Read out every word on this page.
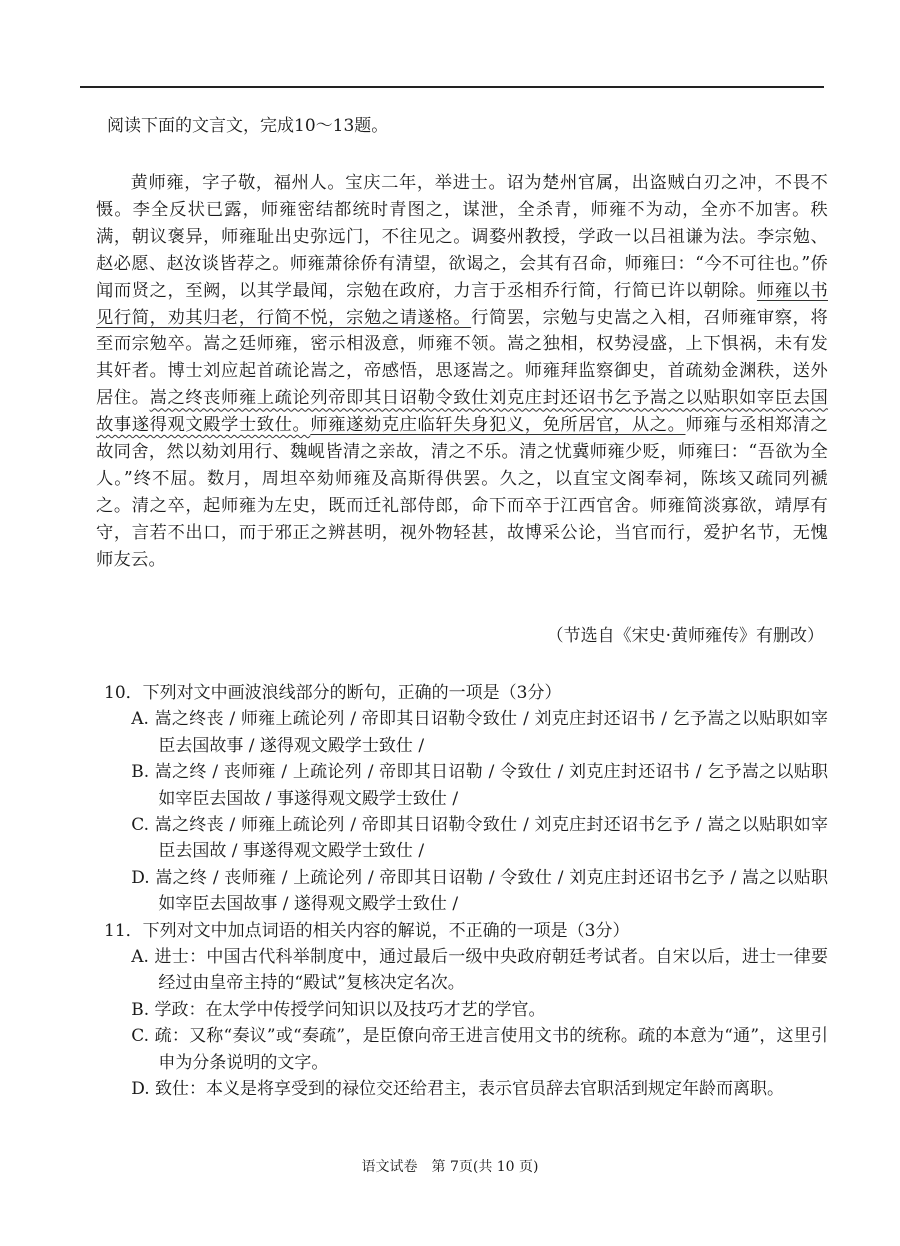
阅读下面的文言文，完成10～13题。

黄师雍，字子敬，福州人。宝庆二年，举进士。诏为楚州官属，出盗贼白刃之冲，不畏不慑。李全反状已露，师雍密结都统时青图之，谋泄，全杀青，师雍不为动，全亦不加害。秩满，朝议褒异，师雍耻出史弥远门，不往见之。调婺州教授，学政一以吕祖谦为法。李宗勉、赵必愿、赵汝谈皆荐之。师雍萧徐侨有清望，欲谒之，会其有召命，师雍曰：“今不可往也。”侨闻而贤之，至阙，以其学最闻，宗勉在政府，力言于丞相乔行简，行简已许以朝除。师雍以书见行简，劝其归老，行简不悦，宗勉之请遂格。行简罢，宗勉与史嵩之入相，召师雍审察，将至而宗勉卒。嵩之廷师雍，密示相汲意，师雍不领。嵩之独相，权势浸盛，上下惧祸，未有发其奸者。博士刘应起首疏论嵩之，帝感悟，思逐嵩之。师雍拜监察御史，首疏劾金渊秩，送外居住。嵩之终丧师雍上疏论列帝即其日诏勒令致仕刘克庄封还诏书乞予嵩之以贴职如宰臣去国故事遂得观文殿学士致仕。师雍遂劾克庄临轩失身犯义，免所居官，从之。师雍与丞相郑清之故同舍，然以劾刘用行、魏岘皆清之亲故，清之不乐。清之忧冀师雍少贬，师雍曰：“吾欲为全人。”终不屈。数月，周坦卒劾师雍及高斯得供罢。久之，以直宝文阁奉祠，陈垓又疏同列褫之。清之卒，起师雍为左史，既而迁礼部侍郎，命下而卒于江西官舍。师雍简淡寡欲，靖厚有守，言若不出口，而于邪正之辨甚明，视外物轻甚，故博采公论，当官而行，爱护名节，无愧师友云。

（节选自《宋史·黄师雍传》有删改）

10．下列对文中画波浪线部分的断句，正确的一项是（3分）

A. 嵩之终丧 / 师雍上疏论列 / 帝即其日诏勒令致仕 / 刘克庄封还诏书 / 乞予嵩之以贴职如宰臣去国故事 / 遂得观文殿学士致仕 /

B. 嵩之终 / 丧师雍 / 上疏论列 / 帝即其日诏勒 / 令致仕 / 刘克庄封还诏书 / 乞予嵩之以贴职如宰臣去国故 / 事遂得观文殿学士致仕 /

C. 嵩之终丧 / 师雍上疏论列 / 帝即其日诏勒令致仕 / 刘克庄封还诏书乞予 / 嵩之以贴职如宰臣去国故 / 事遂得观文殿学士致仕 /

D. 嵩之终 / 丧师雍 / 上疏论列 / 帝即其日诏勒 / 令致仕 / 刘克庄封还诏书乞予 / 嵩之以贴职如宰臣去国故事 / 遂得观文殿学士致仕 /

11．下列对文中加点词语的相关内容的解说，不正确的一项是（3分）

A. 进士：中国古代科举制度中，通过最后一级中央政府朝廷考试者。自宋以后，进士一律要经过由皇帝主持的“殿试”复核决定名次。

B. 学政：在太学中传授学问知识以及技巧才艺的学官。

C. 疏：又称“奏议”或“奏疏”，是臣僚向帝王进言使用文书的统称。疏的本意为“通”，这里引申为分条说明的文字。

D. 致仕：本义是将享受到的禄位交还给君主，表示官员辞去官职活到规定年龄而离职。

语文试卷　第 7页(共 10 页)
